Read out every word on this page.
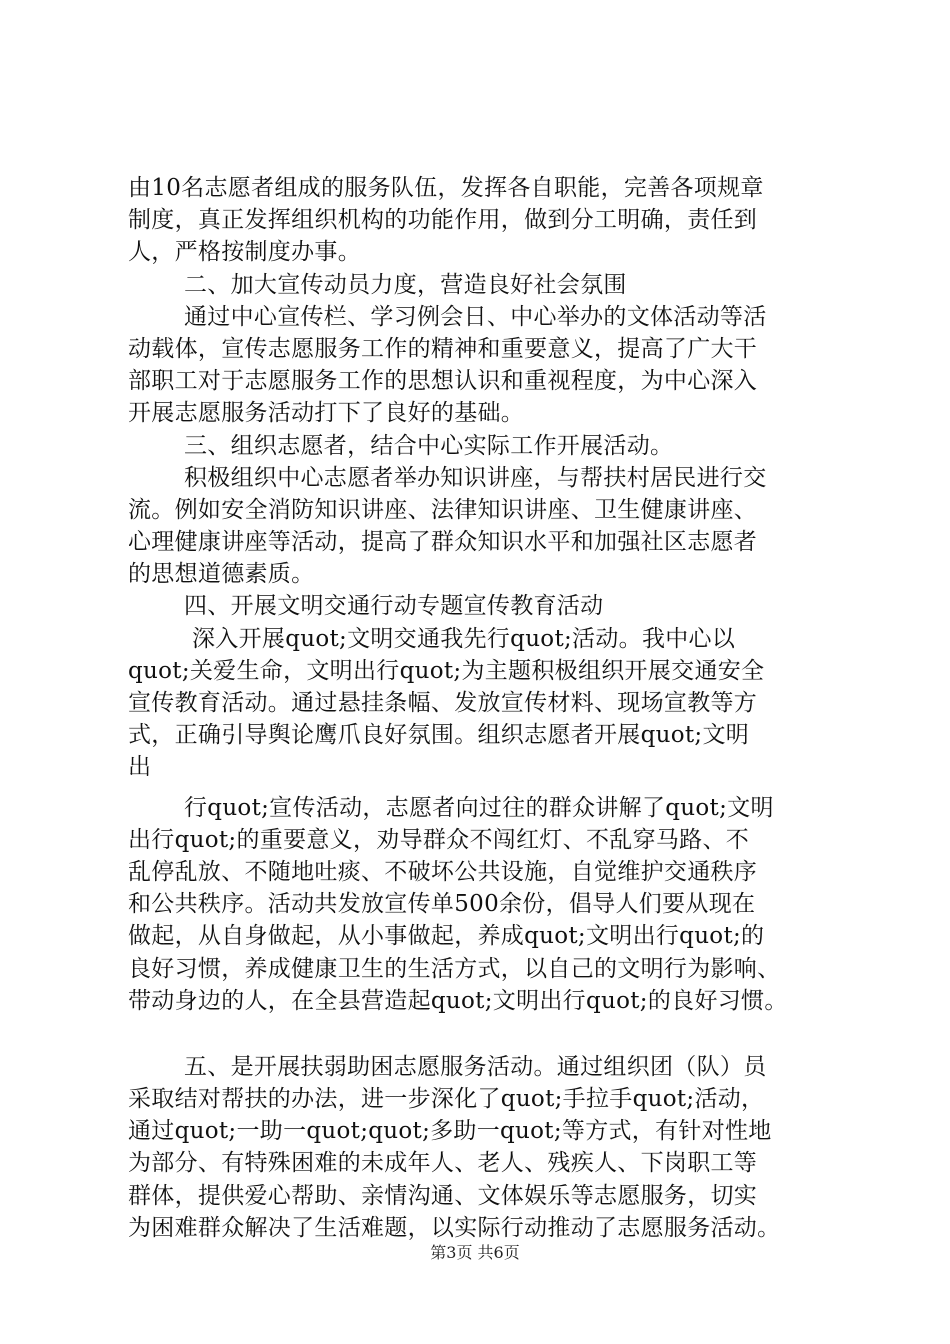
由10名志愿者组成的服务队伍，发挥各自职能，完善各项规章
制度，真正发挥组织机构的功能作用，做到分工明确，责任到
人，严格按制度办事。
二、加大宣传动员力度，营造良好社会氛围
通过中心宣传栏、学习例会日、中心举办的文体活动等活
动载体，宣传志愿服务工作的精神和重要意义，提高了广大干
部职工对于志愿服务工作的思想认识和重视程度，为中心深入
开展志愿服务活动打下了良好的基础。
三、组织志愿者，结合中心实际工作开展活动。
积极组织中心志愿者举办知识讲座，与帮扶村居民进行交
流。例如安全消防知识讲座、法律知识讲座、卫生健康讲座、
心理健康讲座等活动，提高了群众知识水平和加强社区志愿者
的思想道德素质。
四、开展文明交通行动专题宣传教育活动
深入开展quot;文明交通我先行quot;活动。我中心以
quot;关爱生命，文明出行quot;为主题积极组织开展交通安全
宣传教育活动。通过悬挂条幅、发放宣传材料、现场宣教等方
式，正确引导舆论鹰爪良好氛围。组织志愿者开展quot;文明
出
行quot;宣传活动，志愿者向过往的群众讲解了quot;文明
出行quot;的重要意义，劝导群众不闯红灯、不乱穿马路、不
乱停乱放、不随地吐痰、不破坏公共设施，自觉维护交通秩序
和公共秩序。活动共发放宣传单500余份，倡导人们要从现在
做起，从自身做起，从小事做起，养成quot;文明出行quot;的
良好习惯，养成健康卫生的生活方式，以自己的文明行为影响、
带动身边的人，在全县营造起quot;文明出行quot;的良好习惯。
五、是开展扶弱助困志愿服务活动。通过组织团（队）员
采取结对帮扶的办法，进一步深化了quot;手拉手quot;活动，
通过quot;一助一quot;quot;多助一quot;等方式，有针对性地
为部分、有特殊困难的未成年人、老人、残疾人、下岗职工等
群体，提供爱心帮助、亲情沟通、文体娱乐等志愿服务，切实
为困难群众解决了生活难题，以实际行动推动了志愿服务活动。
第3页 共6页
